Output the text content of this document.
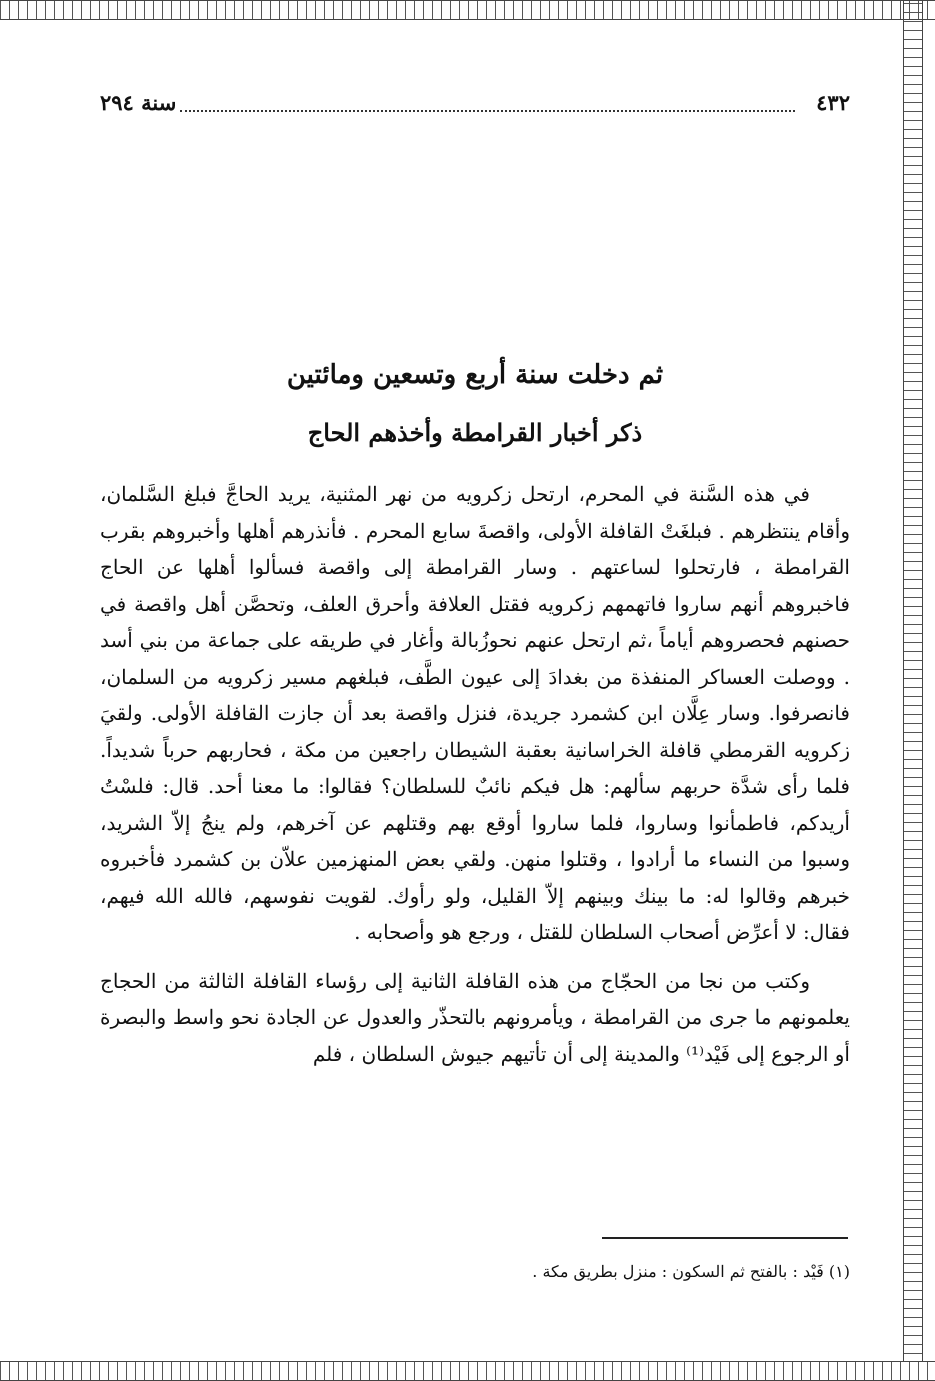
٤٣٢
سنة ٢٩٤
ثم دخلت سنة أربع وتسعين ومائتين
ذكر أخبار القرامطة وأخذهم الحاج

في هذه السَّنة في المحرم، ارتحل زكرويه من نهر المثنية، يريد الحاجَّ فبلغ السَّلمان، وأقام ينتظرهم . فبلغَتْ القافلة الأولى، واقصةَ سابع المحرم . فأنذرهم أهلها وأخبروهم بقرب القرامطة ، فارتحلوا لساعتهم . وسار القرامطة إلى واقصة فسألوا أهلها عن الحاج فاخبروهم أنهم ساروا فاتهمهم زكرويه فقتل العلافة وأحرق العلف، وتحصَّن أهل واقصة في حصنهم فحصروهم أياماً ،ثم ارتحل عنهم نحوزُبالة وأغار في طريقه على جماعة من بني أسد . ووصلت العساكر المنفذة من بغدادَ إلى عيون الطَّف، فبلغهم مسير زكرويه من السلمان، فانصرفوا. وسار عِلَّان ابن كشمرد جريدة، فنزل واقصة بعد أن جازت القافلة الأولى. ولقيَ زكرويه القرمطي قافلة الخراسانية بعقبة الشيطان راجعين من مكة ، فحاربهم حرباً شديداً. فلما رأى شدَّة حربهم سألهم: هل فيكم نائبٌ للسلطان؟ فقالوا: ما معنا أحد. قال: فلسْتُ أريدكم، فاطمأنوا وساروا، فلما ساروا أوقع بهم وقتلهم عن آخرهم، ولم ينجُ إلاّ الشريد، وسبوا من النساء ما أرادوا ، وقتلوا منهن. ولقي بعض المنهزمين علاّن بن كشمرد فأخبروه خبرهم وقالوا له: ما بينك وبينهم إلاّ القليل، ولو رأوك. لقويت نفوسهم، فالله الله فيهم، فقال: لا أعرِّض أصحاب السلطان للقتل ، ورجع هو وأصحابه .

وكتب من نجا من الحجّاج من هذه القافلة الثانية إلى رؤساء القافلة الثالثة من الحجاج يعلمونهم ما جرى من القرامطة ، ويأمرونهم بالتحذّر والعدول عن الجادة نحو واسط والبصرة أو الرجوع إلى فَيْد⁽¹⁾ والمدينة إلى أن تأتيهم جيوش السلطان ، فلم

(١) فَيْد : بالفتح ثم السكون : منزل بطريق مكة .
